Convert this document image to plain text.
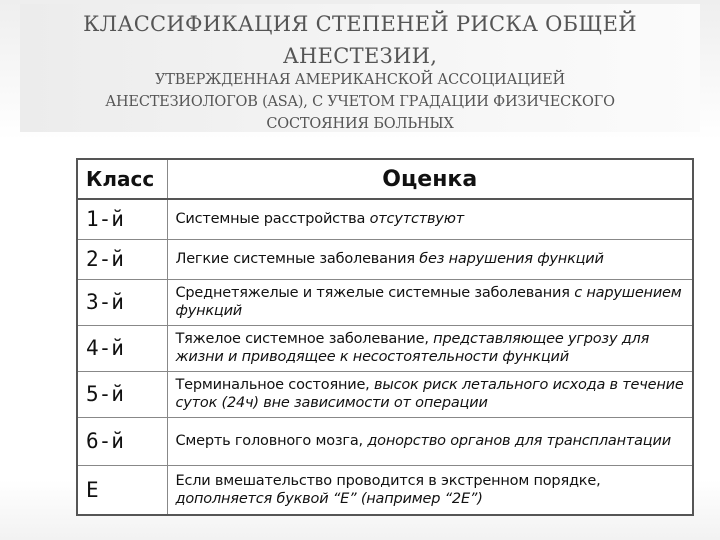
КЛАССИФИКАЦИЯ СТЕПЕНЕЙ РИСКА ОБЩЕЙ
АНЕСТЕЗИИ,
УТВЕРЖДЕННАЯ АМЕРИКАНСКОЙ АССОЦИАЦИЕЙ
АНЕСТЕЗИОЛОГОВ (ASA), С УЧЕТОМ ГРАДАЦИИ ФИЗИЧЕСКОГО
СОСТОЯНИЯ БОЛЬНЫХ
Класс	Оценка
1-й	Системные расстройства отсутствуют
2-й	Легкие системные заболевания без нарушения функций
3-й	Среднетяжелые и тяжелые системные заболевания с нарушением функций
4-й	Тяжелое системное заболевание, представляющее угрозу для жизни и приводящее к несостоятельности функций
5-й	Терминальное состояние, высок риск летального исхода в течение суток (24ч) вне зависимости от операции
6-й	Смерть головного мозга, донорство органов для трансплантации
Е	Если вмешательство проводится в экстренном порядке, дополняется буквой “Е” (например “2Е”)
